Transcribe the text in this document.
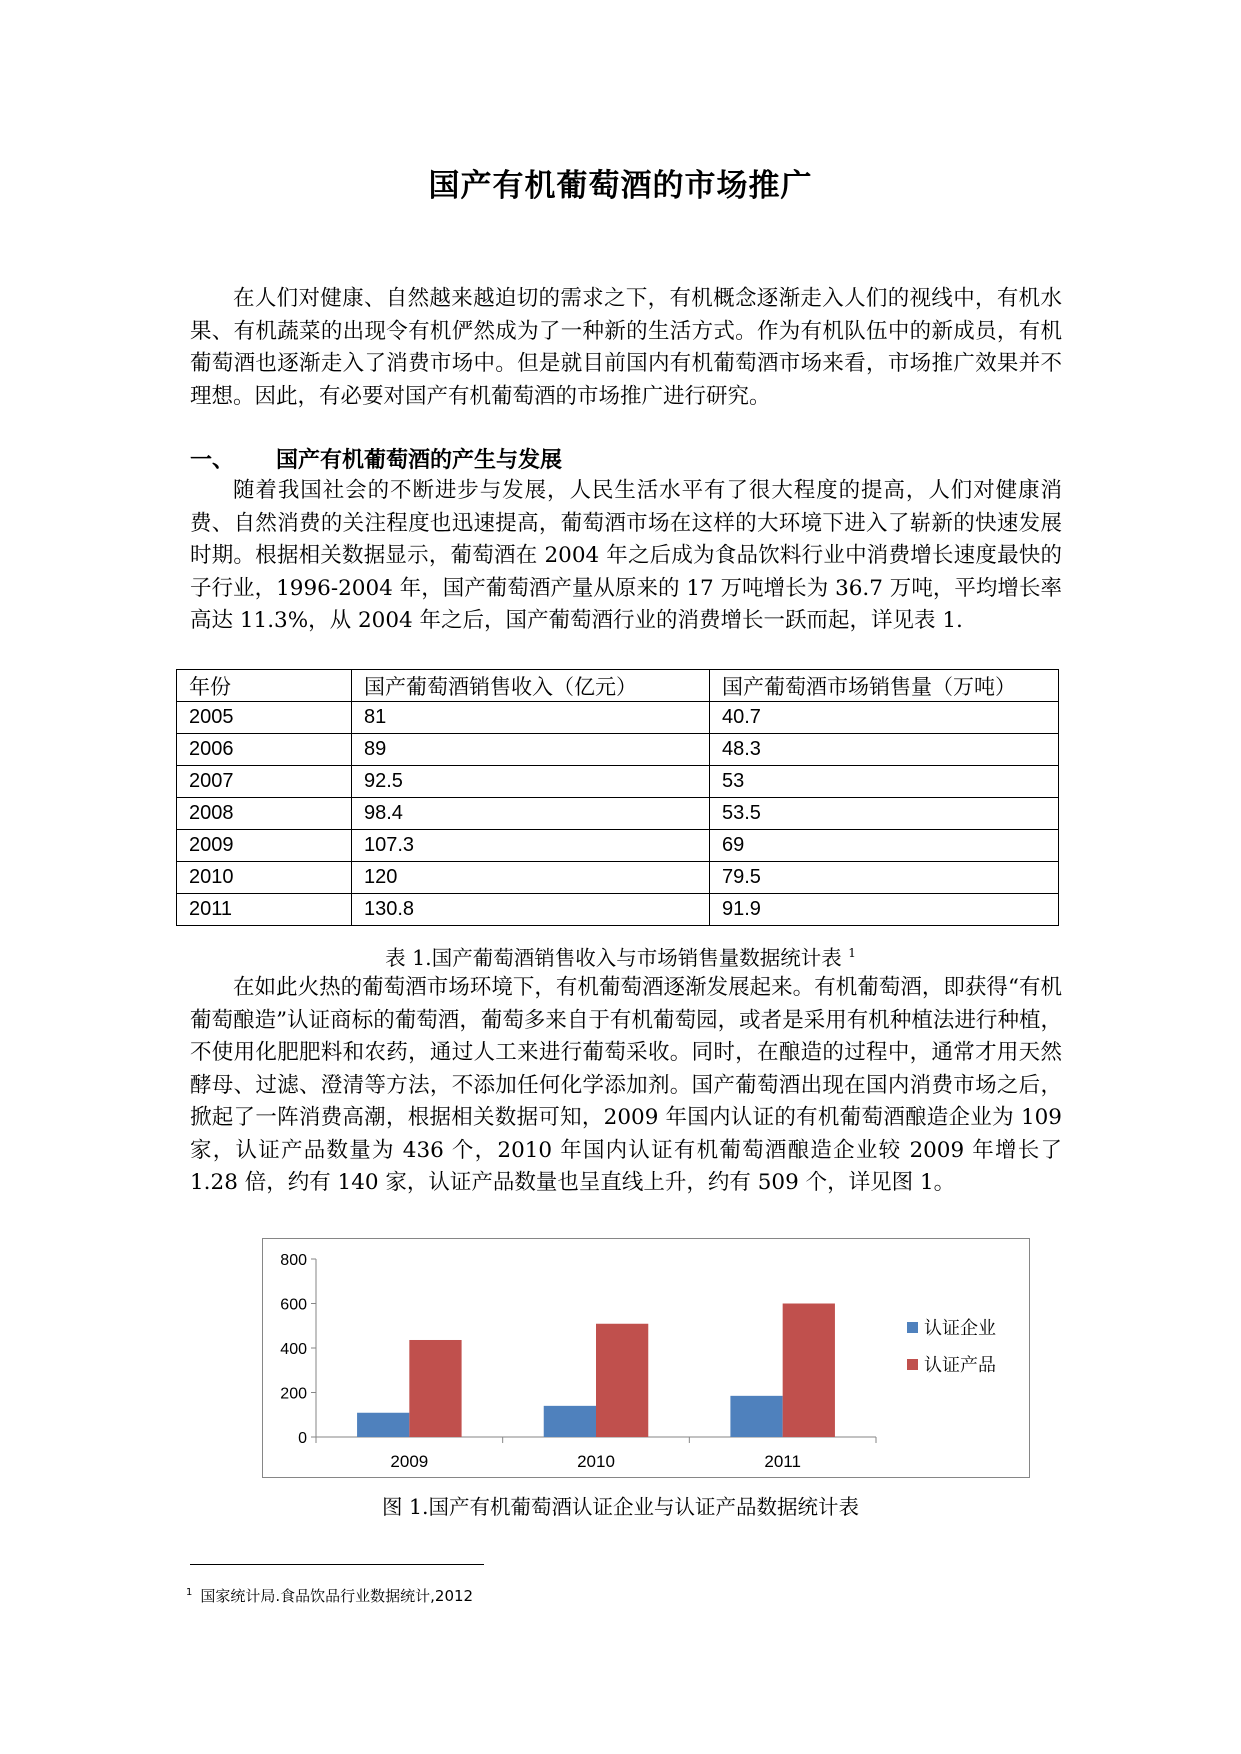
国产有机葡萄酒的市场推广

在人们对健康、自然越来越迫切的需求之下，有机概念逐渐走入人们的视线中，有机水果、有机蔬菜的出现令有机俨然成为了一种新的生活方式。作为有机队伍中的新成员，有机葡萄酒也逐渐走入了消费市场中。但是就目前国内有机葡萄酒市场来看，市场推广效果并不理想。因此，有必要对国产有机葡萄酒的市场推广进行研究。

一、 国产有机葡萄酒的产生与发展

随着我国社会的不断进步与发展，人民生活水平有了很大程度的提高，人们对健康消费、自然消费的关注程度也迅速提高，葡萄酒市场在这样的大环境下进入了崭新的快速发展时期。根据相关数据显示，葡萄酒在 2004 年之后成为食品饮料行业中消费增长速度最快的子行业，1996-2004 年，国产葡萄酒产量从原来的 17 万吨增长为 36.7 万吨，平均增长率高达 11.3%，从 2004 年之后，国产葡萄酒行业的消费增长一跃而起，详见表 1.

年份	国产葡萄酒销售收入（亿元）	国产葡萄酒市场销售量（万吨）
2005	81	40.7
2006	89	48.3
2007	92.5	53
2008	98.4	53.5
2009	107.3	69
2010	120	79.5
2011	130.8	91.9

表 1.国产葡萄酒销售收入与市场销售量数据统计表 $^1$

在如此火热的葡萄酒市场环境下，有机葡萄酒逐渐发展起来。有机葡萄酒，即获得“有机葡萄酿造”认证商标的葡萄酒，葡萄多来自于有机葡萄园，或者是采用有机种植法进行种植，不使用化肥肥料和农药，通过人工来进行葡萄采收。同时，在酿造的过程中，通常才用天然酵母、过滤、澄清等方法，不添加任何化学添加剂。国产葡萄酒出现在国内消费市场之后，掀起了一阵消费高潮，根据相关数据可知，2009 年国内认证的有机葡萄酒酿造企业为 109 家，认证产品数量为 436 个，2010 年国内认证有机葡萄酒酿造企业较 2009 年增长了 1.28 倍，约有 140 家，认证产品数量也呈直线上升，约有 509 个，详见图 1。

0
200
400
600
800
2009	2010	2011
认证企业
认证产品

图 1.国产有机葡萄酒认证企业与认证产品数据统计表

$^1$ 国家统计局.食品饮品行业数据统计,2012
